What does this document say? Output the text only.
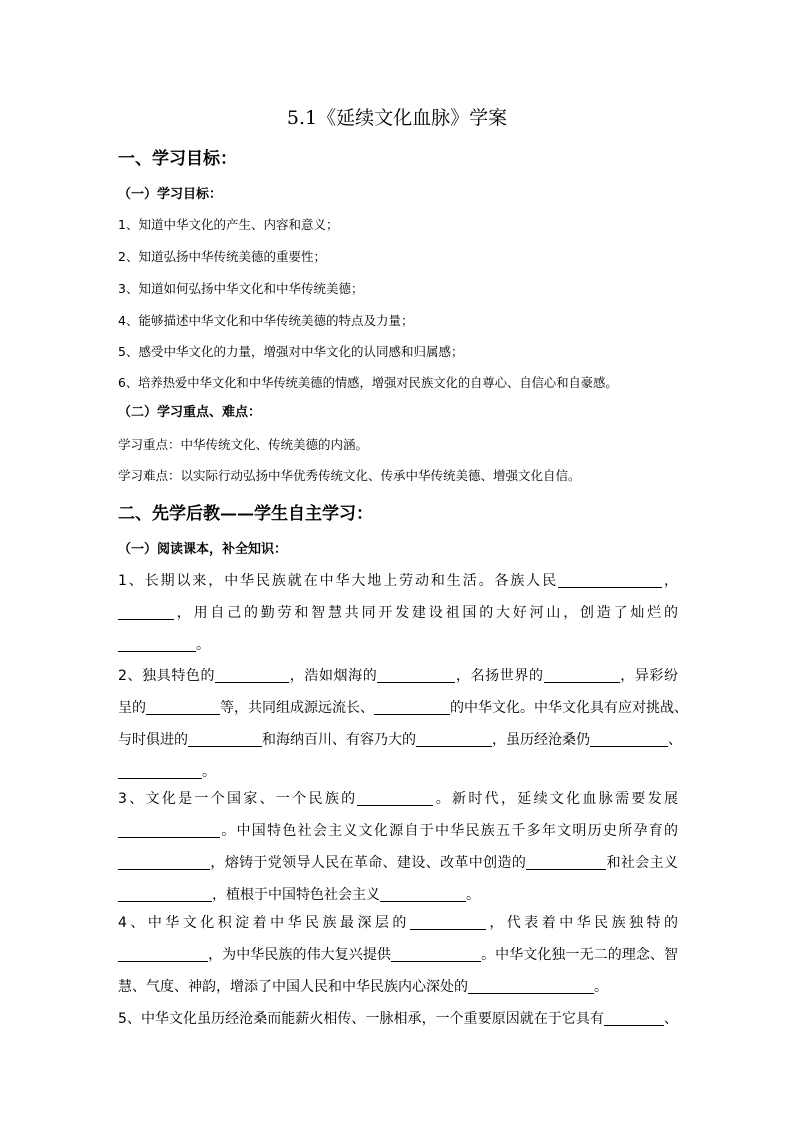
5.1《延续文化血脉》学案
一、学习目标：
（一）学习目标：
1、知道中华文化的产生、内容和意义；
2、知道弘扬中华传统美德的重要性；
3、知道如何弘扬中华文化和中华传统美德；
4、能够描述中华文化和中华传统美德的特点及力量；
5、感受中华文化的力量，增强对中华文化的认同感和归属感；
6、培养热爱中华文化和中华传统美德的情感，增强对民族文化的自尊心、自信心和自豪感。
（二）学习重点、难点：
学习重点：中华传统文化、传统美德的内涵。
学习难点：以实际行动弘扬中华优秀传统文化、传承中华传统美德、增强文化自信。
二、先学后教——学生自主学习：
（一）阅读课本，补全知识：
1、长期以来，中华民族就在中华大地上劳动和生活。各族人民	，
，用自己的勤劳和智慧共同开发建设祖国的大好河山，创造了灿烂的
。
2、独具特色的	，浩如烟海的	，名扬世界的	，异彩纷
呈的	等，共同组成源远流长、	的中华文化。中华文化具有应对挑战、
与时俱进的	和海纳百川、有容乃大的	，虽历经沧桑仍	、
。
3、文化是一个国家、一个民族的	。新时代，延续文化血脉需要发展
。中国特色社会主义文化源自于中华民族五千多年文明历史所孕育的
，熔铸于党领导人民在革命、建设、改革中创造的	和社会主义
，植根于中国特色社会主义	。
4、中华文化积淀着中华民族最深层的	，代表着中华民族独特的
，为中华民族的伟大复兴提供	。中华文化独一无二的理念、智
慧、气度、神韵，增添了中国人民和中华民族内心深处的	。
5、中华文化虽历经沧桑而能薪火相传、一脉相承，一个重要原因就在于它具有	、
